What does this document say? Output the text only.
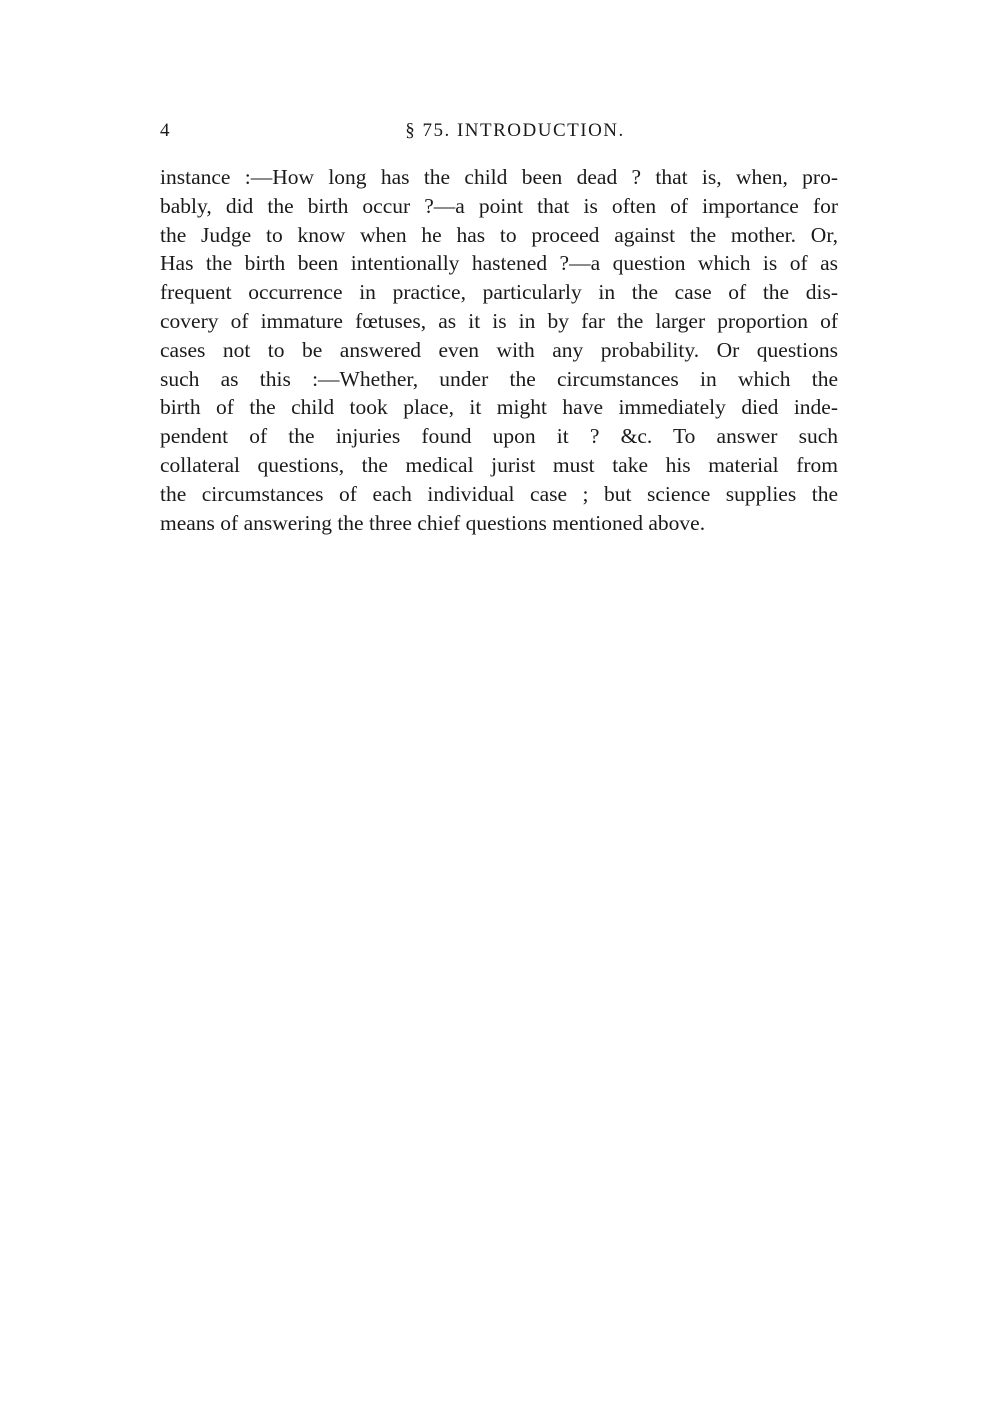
4	§ 75. INTRODUCTION.
instance :—How long has the child been dead ? that is, when, pro-
bably, did the birth occur ?—a point that is often of importance for
the Judge to know when he has to proceed against the mother. Or,
Has the birth been intentionally hastened ?—a question which is of as
frequent occurrence in practice, particularly in the case of the dis-
covery of immature fœtuses, as it is in by far the larger proportion of
cases not to be answered even with any probability. Or questions
such as this :—Whether, under the circumstances in which the
birth of the child took place, it might have immediately died inde-
pendent of the injuries found upon it ? &c. To answer such
collateral questions, the medical jurist must take his material from
the circumstances of each individual case ; but science supplies the
means of answering the three chief questions mentioned above.
